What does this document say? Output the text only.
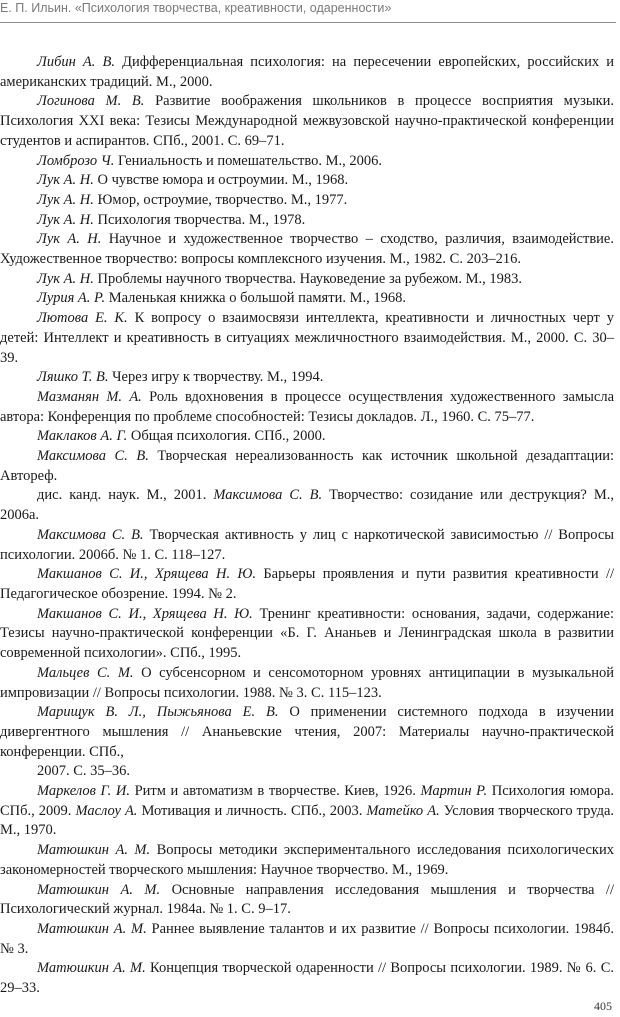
Е. П. Ильин. «Психология творчества, креативности, одаренности»

Либин А. В. Дифференциальная психология: на пересечении европейских, российских и американских традиций. М., 2000.

Логинова М. В. Развитие воображения школьников в процессе восприятия музыки. Психология XXI века: Тезисы Международной межвузовской научно-практической конференции студентов и аспирантов. СПб., 2001. С. 69–71.

Ломброзо Ч. Гениальность и помешательство. М., 2006.

Лук А. Н. О чувстве юмора и остроумии. М., 1968.

Лук А. Н. Юмор, остроумие, творчество. М., 1977.

Лук А. Н. Психология творчества. М., 1978.

Лук А. Н. Научное и художественное творчество – сходство, различия, взаимодействие. Художественное творчество: вопросы комплексного изучения. М., 1982. С. 203–216.

Лук А. Н. Проблемы научного творчества. Науковедение за рубежом. М., 1983.

Лурия А. Р. Маленькая книжка о большой памяти. М., 1968.

Лютова Е. К. К вопросу о взаимосвязи интеллекта, креативности и личностных черт у детей: Интеллект и креативность в ситуациях межличностного взаимодействия. М., 2000. С. 30–39.

Ляшко Т. В. Через игру к творчеству. М., 1994.

Мазманян М. А. Роль вдохновения в процессе осуществления художественного замысла автора: Конференция по проблеме способностей: Тезисы докладов. Л., 1960. С. 75–77.

Маклаков А. Г. Общая психология. СПб., 2000.

Максимова С. В. Творческая нереализованность как источник школьной дезадаптации: Автореф.

дис. канд. наук. М., 2001. Максимова С. В. Творчество: созидание или деструкция? М., 2006а.

Максимова С. В. Творческая активность у лиц с наркотической зависимостью // Вопросы психологии. 2006б. № 1. С. 118–127.

Макшанов С. И., Хрящева Н. Ю. Барьеры проявления и пути развития креативности // Педагогическое обозрение. 1994. № 2.

Макшанов С. И., Хрящева Н. Ю. Тренинг креативности: основания, задачи, содержание: Тезисы научно-практической конференции «Б. Г. Ананьев и Ленинградская школа в развитии современной психологии». СПб., 1995.

Мальцев С. М. О субсенсорном и сенсомоторном уровнях антиципации в музыкальной импровизации // Вопросы психологии. 1988. № 3. С. 115–123.

Марищук В. Л., Пыжьянова Е. В. О применении системного подхода в изучении дивергентного мышления // Ананьевские чтения, 2007: Материалы научно-практической конференции. СПб.,

2007. С. 35–36.

Маркелов Г. И. Ритм и автоматизм в творчестве. Киев, 1926. Мартин Р. Психология юмора. СПб., 2009. Маслоу А. Мотивация и личность. СПб., 2003. Матейко А. Условия творческого труда. М., 1970.

Матюшкин А. М. Вопросы методики экспериментального исследования психологических закономерностей творческого мышления: Научное творчество. М., 1969.

Матюшкин А. М. Основные направления исследования мышления и творчества // Психологический журнал. 1984а. № 1. С. 9–17.

Матюшкин А. М. Раннее выявление талантов и их развитие // Вопросы психологии. 1984б. № 3.

Матюшкин А. М. Концепция творческой одаренности // Вопросы психологии. 1989. № 6. С. 29–33.

405
